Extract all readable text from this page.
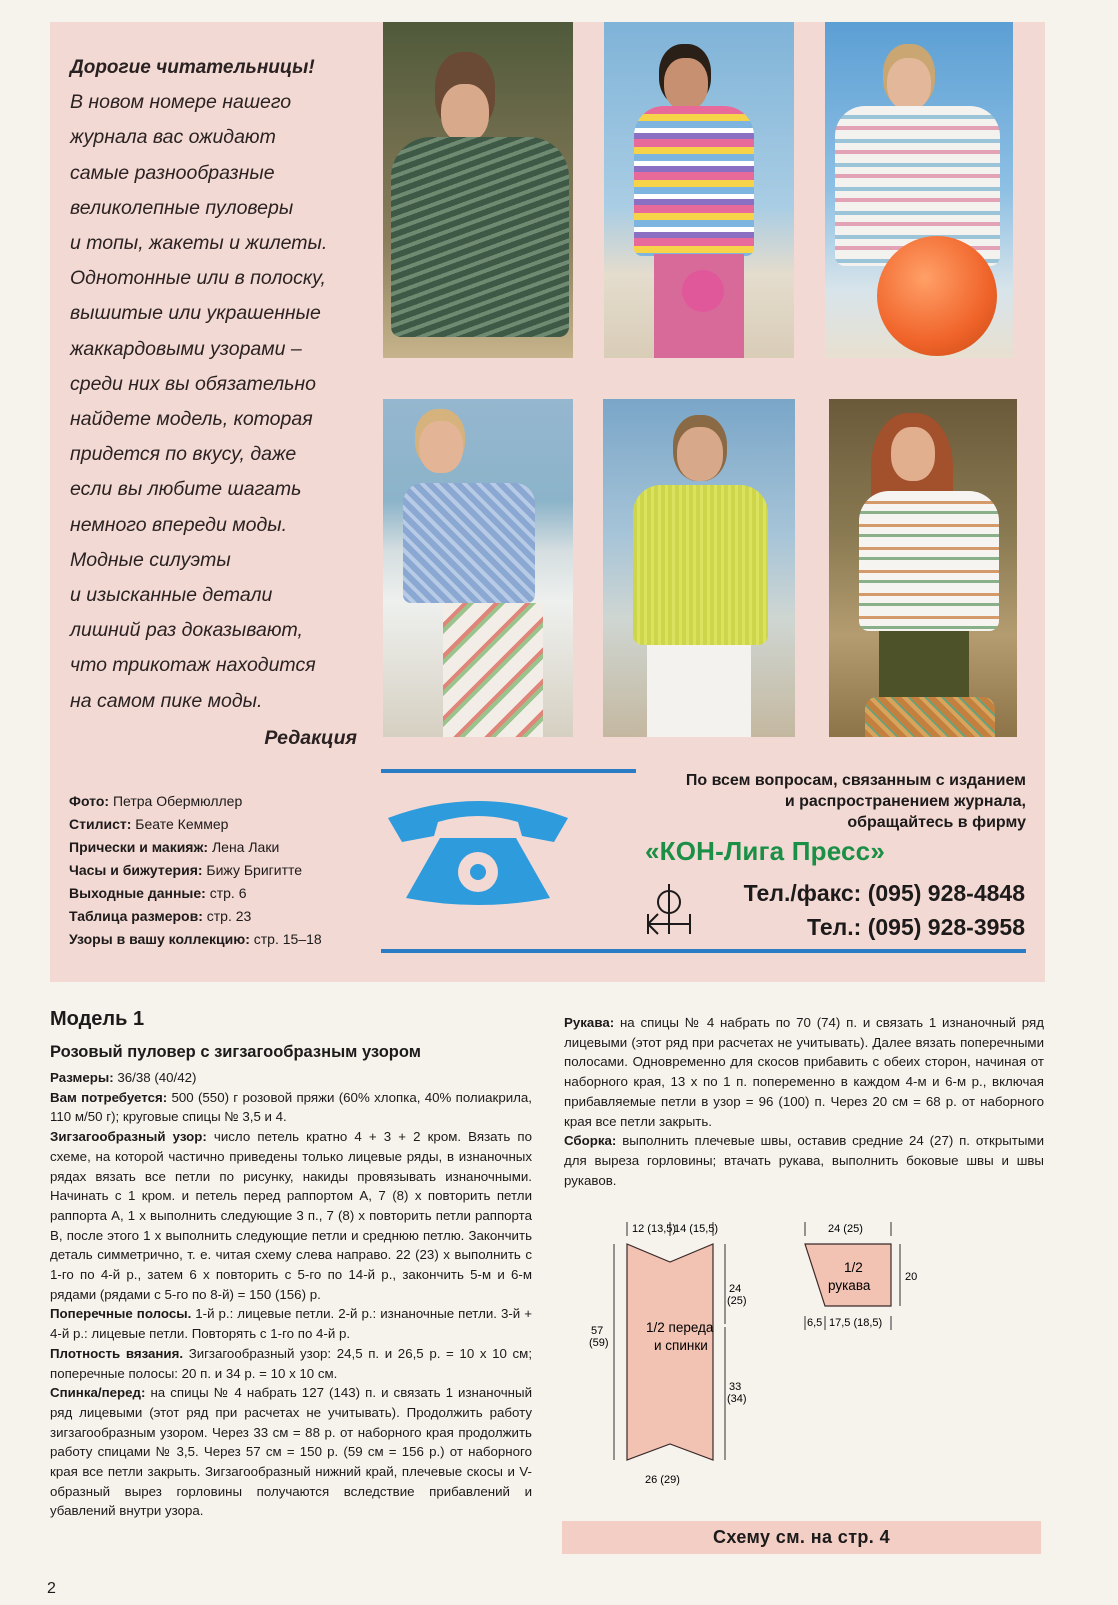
Дорогие читательницы!
В новом номере нашего
журнала вас ожидают
самые разнообразные
великолепные пуловеры
и топы, жакеты и жилеты.
Однотонные или в полоску,
вышитые или украшенные
жаккардовыми узорами –
среди них вы обязательно
найдете модель, которая
придется по вкусу, даже
если вы любите шагать
немного впереди моды.
Модные силуэты
и изысканные детали
лишний раз доказывают,
что трикотаж находится
на самом пике моды.
Редакция
Фото: Петра Обермюллер
Стилист: Беате Кеммер
Прически и макияж: Лена Лаки
Часы и бижутерия: Бижу Бригитте
Выходные данные: стр. 6
Таблица размеров: стр. 23
Узоры в вашу коллекцию: стр. 15–18
По всем вопросам, связанным с изданием
и распространением журнала,
обращайтесь в фирму
«КОН-Лига Пресс»
Тел./факс: (095) 928-4848
Тел.: (095) 928-3958
Модель 1
Розовый пуловер с зигзагообразным узором

Размеры: 36/38 (40/42)

Вам потребуется: 500 (550) г розовой пряжи (60% хлопка, 40% полиакрила, 110 м/50 г); круговые спицы № 3,5 и 4.

Зигзагообразный узор: число петель кратно 4 + 3 + 2 кром. Вязать по схеме, на которой частично приведены только лицевые ряды, в изнаночных рядах вязать все петли по рисунку, накиды провязывать изнаночными. Начинать с 1 кром. и петель перед раппортом А, 7 (8) х повторить петли раппорта А, 1 х выполнить следующие 3 п., 7 (8) х повторить петли раппорта В, после этого 1 х выполнить следующие петли и среднюю петлю. Закончить деталь симметрично, т. е. читая схему слева направо. 22 (23) х выполнить с 1-го по 4-й р., затем 6 х повторить с 5-го по 14-й р., закончить 5-м и 6-м рядами (рядами с 5-го по 8-й) = 150 (156) р.

Поперечные полосы. 1-й р.: лицевые петли. 2-й р.: изнаночные петли. 3-й + 4-й р.: лицевые петли. Повторять с 1-го по 4-й р.

Плотность вязания. Зигзагообразный узор: 24,5 п. и 26,5 р. = 10 х 10 см; поперечные полосы: 20 п. и 34 р. = 10 х 10 см.

Спинка/перед: на спицы № 4 набрать 127 (143) п. и связать 1 изнаночный ряд лицевыми (этот ряд при расчетах не учитывать). Продолжить работу зигзагообразным узором. Через 33 см = 88 р. от наборного края продолжить работу спицами № 3,5. Через 57 см = 150 р. (59 см = 156 р.) от наборного края все петли закрыть. Зигзагообразный нижний край, плечевые скосы и V-образный вырез горловины получаются вследствие прибавлений и убавлений внутри узора.

Рукава: на спицы № 4 набрать по 70 (74) п. и связать 1 изнаночный ряд лицевыми (этот ряд при расчетах не учитывать). Далее вязать поперечными полосами. Одновременно для скосов прибавить с обеих сторон, начиная от наборного края, 13 х по 1 п. попеременно в каждом 4-м и 6-м р., включая прибавляемые петли в узор = 96 (100) п. Через 20 см = 68 р. от наборного края все петли закрыть.

Сборка: выполнить плечевые швы, оставив средние 24 (27) п. открытыми для выреза горловины; втачать рукава, выполнить боковые швы и швы рукавов.

12 (13,5)
14 (15,5)
1/2 переда
и спинки
57
(59)
24
(25)
33
(34)
26 (29)
24 (25)
1/2
рукава
20
6,5 17,5 (18,5)
Схему см. на стр. 4
2
